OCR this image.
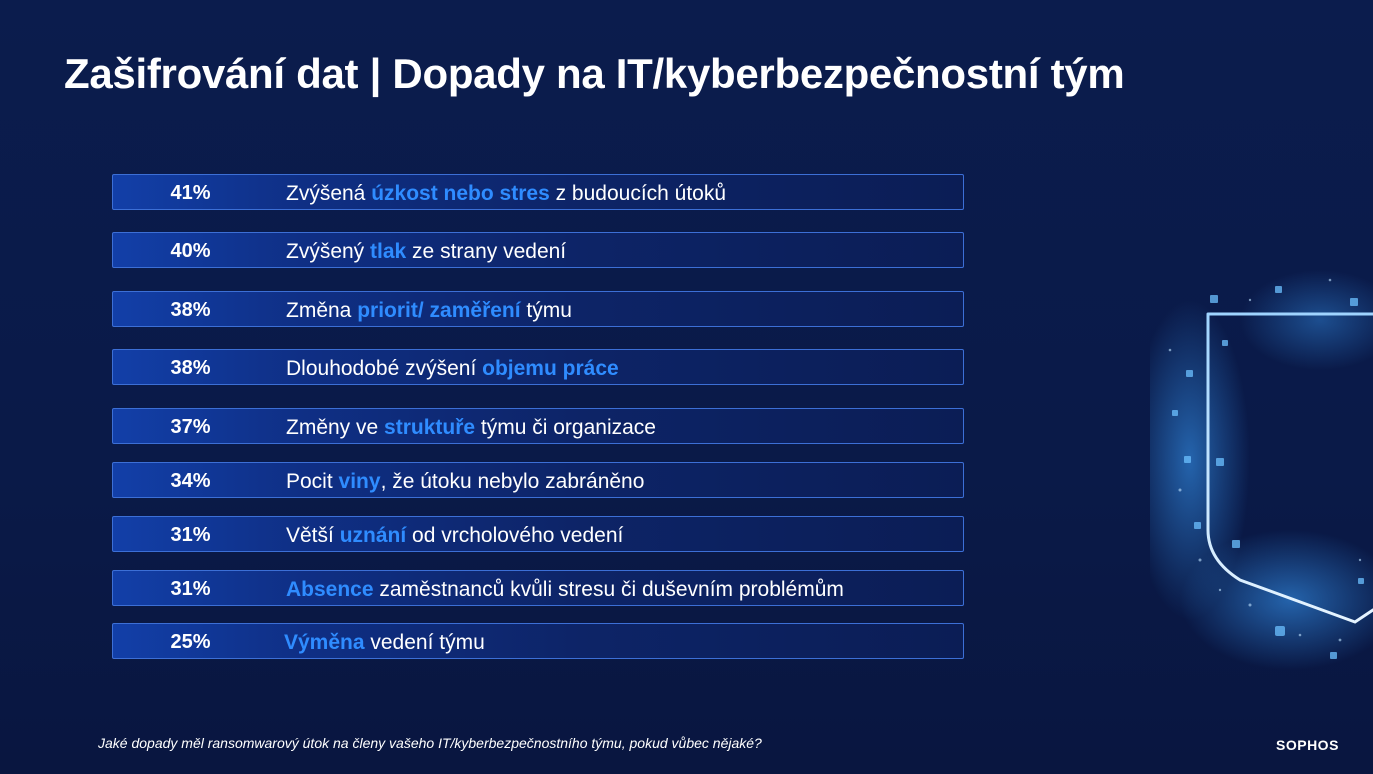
Zašifrování dat | Dopady na IT/kyberbezpečnostní tým
41%	Zvýšená úzkost nebo stres z budoucích útoků
40%	Zvýšený tlak ze strany vedení
38%	Změna priorit/ zaměření týmu
38%	Dlouhodobé zvýšení objemu práce
37%	Změny ve struktuře týmu či organizace
34%	Pocit viny, že útoku nebylo zabráněno
31%	Větší uznání od vrcholového vedení
31%	Absence zaměstnanců kvůli stresu či duševním problémům
25%	Výměna vedení týmu
Jaké dopady měl ransomwarový útok na členy vašeho IT/kyberbezpečnostního týmu, pokud vůbec nějaké?	SOPHOS
